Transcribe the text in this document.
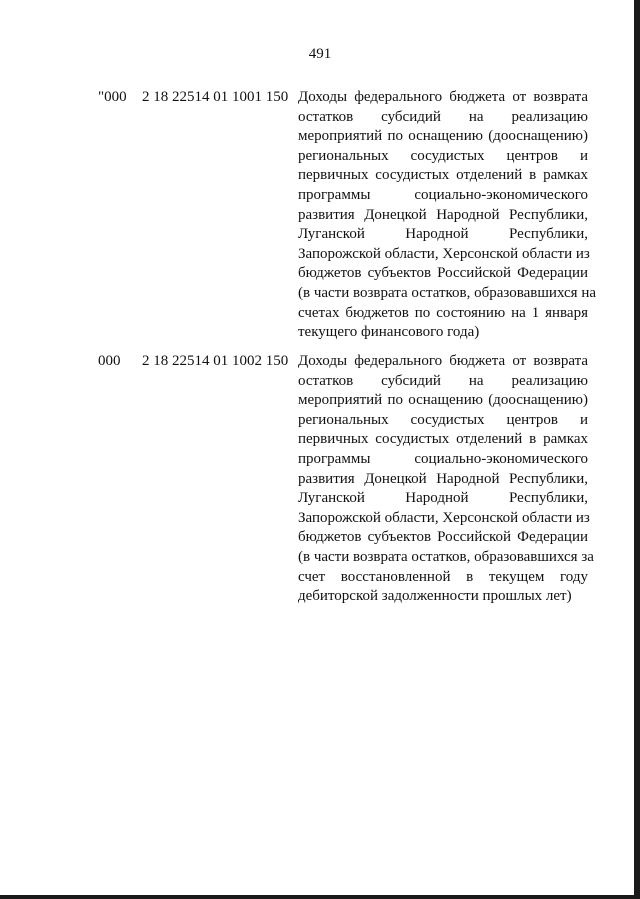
491
"000 2 18 22514 01 1001 150 Доходы федерального бюджета от возврата
остатков субсидий на реализацию
мероприятий по оснащению (дооснащению)
региональных сосудистых центров и
первичных сосудистых отделений в рамках
программы социально-экономического
развития Донецкой Народной Республики,
Луганской Народной Республики,
Запорожской области, Херсонской области из
бюджетов субъектов Российской Федерации
(в части возврата остатков, образовавшихся на
счетах бюджетов по состоянию на 1 января
текущего финансового года)
000 2 18 22514 01 1002 150 Доходы федерального бюджета от возврата
остатков субсидий на реализацию
мероприятий по оснащению (дооснащению)
региональных сосудистых центров и
первичных сосудистых отделений в рамках
программы социально-экономического
развития Донецкой Народной Республики,
Луганской Народной Республики,
Запорожской области, Херсонской области из
бюджетов субъектов Российской Федерации
(в части возврата остатков, образовавшихся за
счет восстановленной в текущем году
дебиторской задолженности прошлых лет)
